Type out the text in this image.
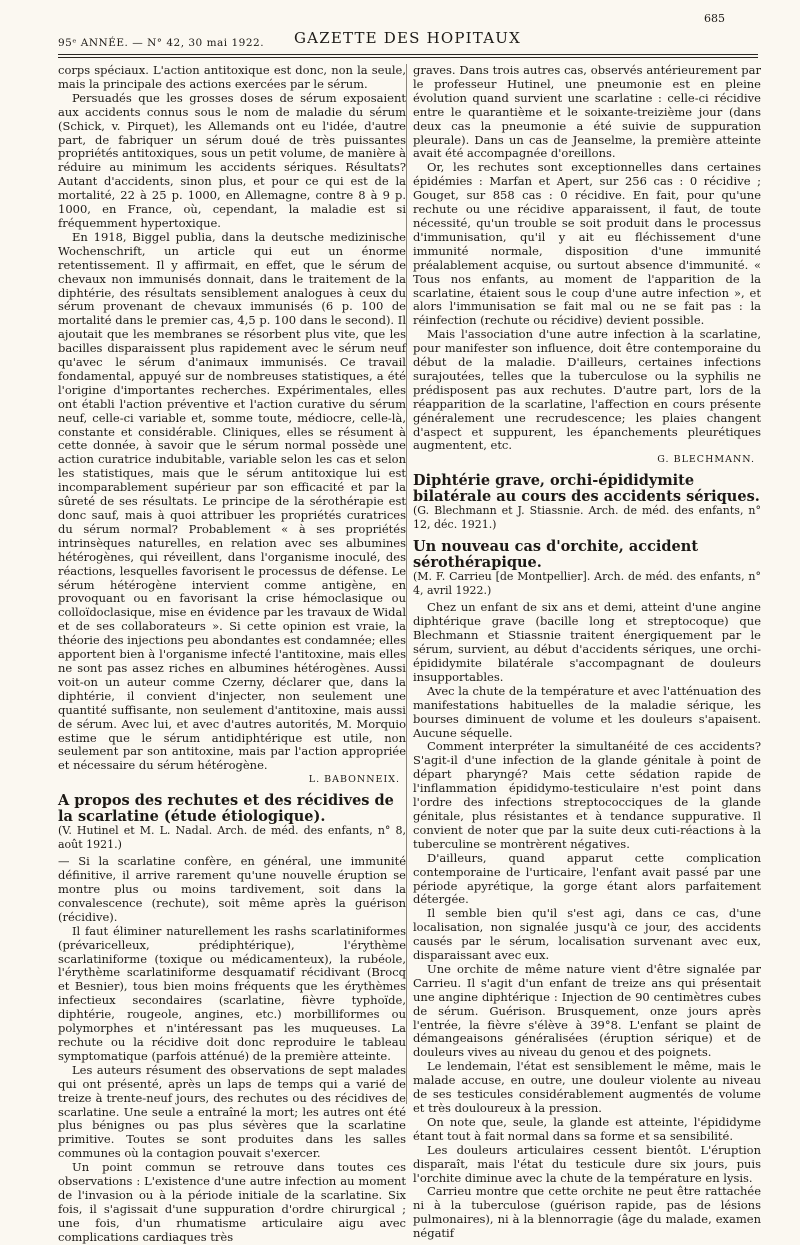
95ᵉ ANNÉE. — N° 42, 30 mai 1922. GAZETTE DES HOPITAUX
685

corps spéciaux. L'action antitoxique est donc, non la seule, mais la principale des actions exercées par le sérum.

Persuadés que les grosses doses de sérum exposaient aux accidents connus sous le nom de maladie du sérum (Schick, v. Pirquet), les Allemands ont eu l'idée, d'autre part, de fabriquer un sérum doué de très puissantes propriétés antitoxiques, sous un petit volume, de manière à réduire au minimum les accidents sériques. Résultats? Autant d'accidents, sinon plus, et pour ce qui est de la mortalité, 22 à 25 p. 1000, en Allemagne, contre 8 à 9 p. 1000, en France, où, cependant, la maladie est si fréquemment hypertoxique.

En 1918, Biggel publia, dans la deutsche medizinische Wochenschrift, un article qui eut un énorme retentissement. Il y affirmait, en effet, que le sérum de chevaux non immunisés donnait, dans le traitement de la diphtérie, des résultats sensiblement analogues à ceux du sérum provenant de chevaux immunisés (6 p. 100 de mortalité dans le premier cas, 4,5 p. 100 dans le second). Il ajoutait que les membranes se résorbent plus vite, que les bacilles disparaissent plus rapidement avec le sérum neuf qu'avec le sérum d'animaux immunisés. Ce travail fondamental, appuyé sur de nombreuses statistiques, a été l'origine d'importantes recherches. Expérimentales, elles ont établi l'action préventive et l'action curative du sérum neuf, celle-ci variable et, somme toute, médiocre, celle-là, constante et considérable. Cliniques, elles se résument à cette donnée, à savoir que le sérum normal possède une action curatrice indubitable, variable selon les cas et selon les statistiques, mais que le sérum antitoxique lui est incomparablement supérieur par son efficacité et par la sûreté de ses résultats. Le principe de la sérothérapie est donc sauf, mais à quoi attribuer les propriétés curatrices du sérum normal? Probablement « à ses propriétés intrinsèques naturelles, en relation avec ses albumines hétérogènes, qui réveillent, dans l'organisme inoculé, des réactions, lesquelles favorisent le processus de défense. Le sérum hétérogène intervient comme antigène, en provoquant ou en favorisant la crise hémoclasique ou colloïdoclasique, mise en évidence par les travaux de Widal et de ses collaborateurs ». Si cette opinion est vraie, la théorie des injections peu abondantes est condamnée; elles apportent bien à l'organisme infecté l'antitoxine, mais elles ne sont pas assez riches en albumines hétérogènes. Aussi voit-on un auteur comme Czerny, déclarer que, dans la diphtérie, il convient d'injecter, non seulement une quantité suffisante, non seulement d'antitoxine, mais aussi de sérum. Avec lui, et avec d'autres autorités, M. Morquio estime que le sérum antidiphtérique est utile, non seulement par son antitoxine, mais par l'action appropriée et nécessaire du sérum hétérogène.

L. BABONNEIX.
A propos des rechutes et des récidives de la scarlatine (étude étiologique).

(V. Hutinel et M. L. Nadal. Arch. de méd. des enfants, n° 8, août 1921.)

— Si la scarlatine confère, en général, une immunité définitive, il arrive rarement qu'une nouvelle éruption se montre plus ou moins tardivement, soit dans la convalescence (rechute), soit même après la guérison (récidive).

Il faut éliminer naturellement les rashs scarlatiniformes (prévaricelleux, prédiphtérique), l'érythème scarlatiniforme (toxique ou médicamenteux), la rubéole, l'érythème scarlatiniforme desquamatif récidivant (Brocq et Besnier), tous bien moins fréquents que les érythèmes infectieux secondaires (scarlatine, fièvre typhoïde, diphtérie, rougeole, angines, etc.) morbilliformes ou polymorphes et n'intéressant pas les muqueuses. La rechute ou la récidive doit donc reproduire le tableau symptomatique (parfois atténué) de la première atteinte.

Les auteurs résument des observations de sept malades qui ont présenté, après un laps de temps qui a varié de treize à trente-neuf jours, des rechutes ou des récidives de scarlatine. Une seule a entraîné la mort; les autres ont été plus bénignes ou pas plus sévères que la scarlatine primitive. Toutes se sont produites dans les salles communes où la contagion pouvait s'exercer.

Un point commun se retrouve dans toutes ces observations : L'existence d'une autre infection au moment de l'invasion ou à la période initiale de la scarlatine. Six fois, il s'agissait d'une suppuration d'ordre chirurgical ; une fois, d'un rhumatisme articulaire aigu avec complications cardiaques très

graves. Dans trois autres cas, observés antérieurement par le professeur Hutinel, une pneumonie est en pleine évolution quand survient une scarlatine : celle-ci récidive entre le quarantième et le soixante-treizième jour (dans deux cas la pneumonie a été suivie de suppuration pleurale). Dans un cas de Jeanselme, la première atteinte avait été accompagnée d'oreillons.

Or, les rechutes sont exceptionnelles dans certaines épidémies : Marfan et Apert, sur 256 cas : 0 récidive ; Gouget, sur 858 cas : 0 récidive. En fait, pour qu'une rechute ou une récidive apparaissent, il faut, de toute nécessité, qu'un trouble se soit produit dans le processus d'immunisation, qu'il y ait eu fléchissement d'une immunité normale, disposition d'une immunité préalablement acquise, ou surtout absence d'immunité. « Tous nos enfants, au moment de l'apparition de la scarlatine, étaient sous le coup d'une autre infection », et alors l'immunisation se fait mal ou ne se fait pas : la réinfection (rechute ou récidive) devient possible.

Mais l'association d'une autre infection à la scarlatine, pour manifester son influence, doit être contemporaine du début de la maladie. D'ailleurs, certaines infections surajoutées, telles que la tuberculose ou la syphilis ne prédisposent pas aux rechutes. D'autre part, lors de la réapparition de la scarlatine, l'affection en cours présente généralement une recrudescence; les plaies changent d'aspect et suppurent, les épanchements pleurétiques augmentent, etc.

G. BLECHMANN.
Diphtérie grave, orchi-épididymite bilatérale au cours des accidents sériques.

(G. Blechmann et J. Stiassnie. Arch. de méd. des enfants, n° 12, déc. 1921.)

Un nouveau cas d'orchite, accident sérothérapique.

(M. F. Carrieu [de Montpellier]. Arch. de méd. des enfants, n° 4, avril 1922.)

Chez un enfant de six ans et demi, atteint d'une angine diphtérique grave (bacille long et streptocoque) que Blechmann et Stiassnie traitent énergiquement par le sérum, survient, au début d'accidents sériques, une orchi-épididymite bilatérale s'accompagnant de douleurs insupportables.

Avec la chute de la température et avec l'atténuation des manifestations habituelles de la maladie sérique, les bourses diminuent de volume et les douleurs s'apaisent. Aucune séquelle.

Comment interpréter la simultanéité de ces accidents? S'agit-il d'une infection de la glande génitale à point de départ pharyngé? Mais cette sédation rapide de l'inflammation épididymo-testiculaire n'est point dans l'ordre des infections streptococciques de la glande génitale, plus résistantes et à tendance suppurative. Il convient de noter que par la suite deux cuti-réactions à la tuberculine se montrèrent négatives.

D'ailleurs, quand apparut cette complication contemporaine de l'urticaire, l'enfant avait passé par une période apyrétique, la gorge étant alors parfaitement détergée.

Il semble bien qu'il s'est agi, dans ce cas, d'une localisation, non signalée jusqu'à ce jour, des accidents causés par le sérum, localisation survenant avec eux, disparaissant avec eux.

Une orchite de même nature vient d'être signalée par Carrieu. Il s'agit d'un enfant de treize ans qui présentait une angine diphtérique : Injection de 90 centimètres cubes de sérum. Guérison. Brusquement, onze jours après l'entrée, la fièvre s'élève à 39°8. L'enfant se plaint de démangeaisons généralisées (éruption sérique) et de douleurs vives au niveau du genou et des poignets.

Le lendemain, l'état est sensiblement le même, mais le malade accuse, en outre, une douleur violente au niveau de ses testicules considérablement augmentés de volume et très douloureux à la pression.

On note que, seule, la glande est atteinte, l'épididyme étant tout à fait normal dans sa forme et sa sensibilité.

Les douleurs articulaires cessent bientôt. L'éruption disparaît, mais l'état du testicule dure six jours, puis l'orchite diminue avec la chute de la température en lysis.

Carrieu montre que cette orchite ne peut être rattachée ni à la tuberculose (guérison rapide, pas de lésions pulmonaires), ni à la blennorragie (âge du malade, examen négatif
